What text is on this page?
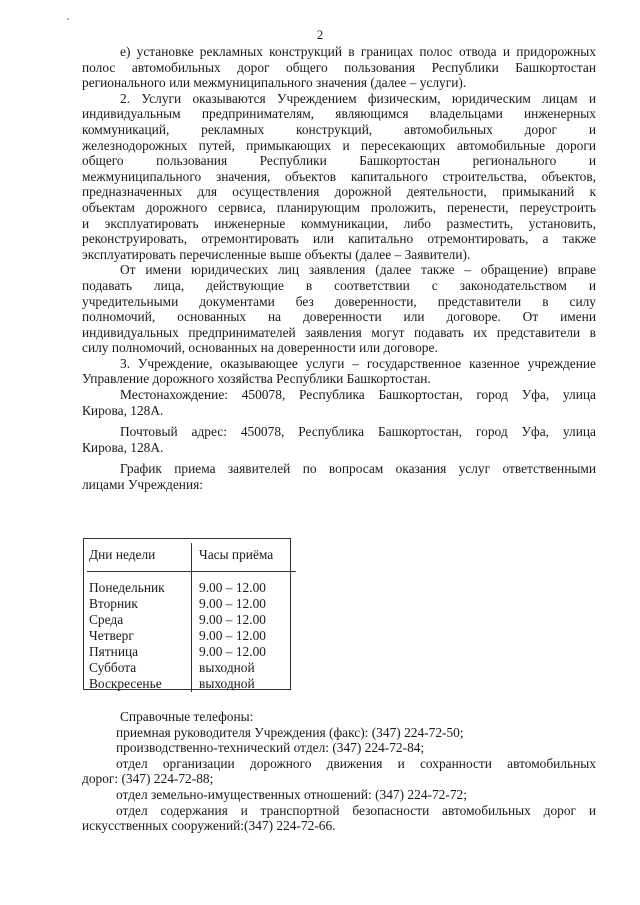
2
е) установке рекламных конструкций в границах полос отвода и придорожных
полос автомобильных дорог общего пользования Республики Башкортостан
регионального или межмуниципального значения (далее – услуги).
2. Услуги оказываются Учреждением физическим, юридическим лицам и
индивидуальным предпринимателям, являющимся владельцами инженерных
коммуникаций, рекламных конструкций, автомобильных дорог и
железнодорожных путей, примыкающих и пересекающих автомобильные дороги
общего пользования Республики Башкортостан регионального и
межмуниципального значения, объектов капитального строительства, объектов,
предназначенных для осуществления дорожной деятельности, примыканий к
объектам дорожного сервиса, планирующим проложить, перенести, переустроить
и эксплуатировать инженерные коммуникации, либо разместить, установить,
реконструировать, отремонтировать или капитально отремонтировать, а также
эксплуатировать перечисленные выше объекты (далее – Заявители).
От имени юридических лиц заявления (далее также – обращение) вправе
подавать лица, действующие в соответствии с законодательством и
учредительными документами без доверенности, представители в силу
полномочий, основанных на доверенности или договоре. От имени
индивидуальных предпринимателей заявления могут подавать их представители в
силу полномочий, основанных на доверенности или договоре.
3. Учреждение, оказывающее услуги – государственное казенное учреждение
Управление дорожного хозяйства Республики Башкортостан.
Местонахождение: 450078, Республика Башкортостан, город Уфа, улица
Кирова, 128А.
Почтовый адрес: 450078, Республика Башкортостан, город Уфа, улица
Кирова, 128А.
График приема заявителей по вопросам оказания услуг ответственными
лицами Учреждения:
Дни недели	Часы приёма
Понедельник	9.00 – 12.00
Вторник	9.00 – 12.00
Среда	9.00 – 12.00
Четверг	9.00 – 12.00
Пятница	9.00 – 12.00
Суббота	выходной
Воскресенье	выходной
Справочные телефоны:
приемная руководителя Учреждения (факс): (347) 224-72-50;
производственно-технический отдел: (347) 224-72-84;
отдел организации дорожного движения и сохранности автомобильных
дорог: (347) 224-72-88;
отдел земельно-имущественных отношений: (347) 224-72-72;
отдел содержания и транспортной безопасности автомобильных дорог и
искусственных сооружений:(347) 224-72-66.
